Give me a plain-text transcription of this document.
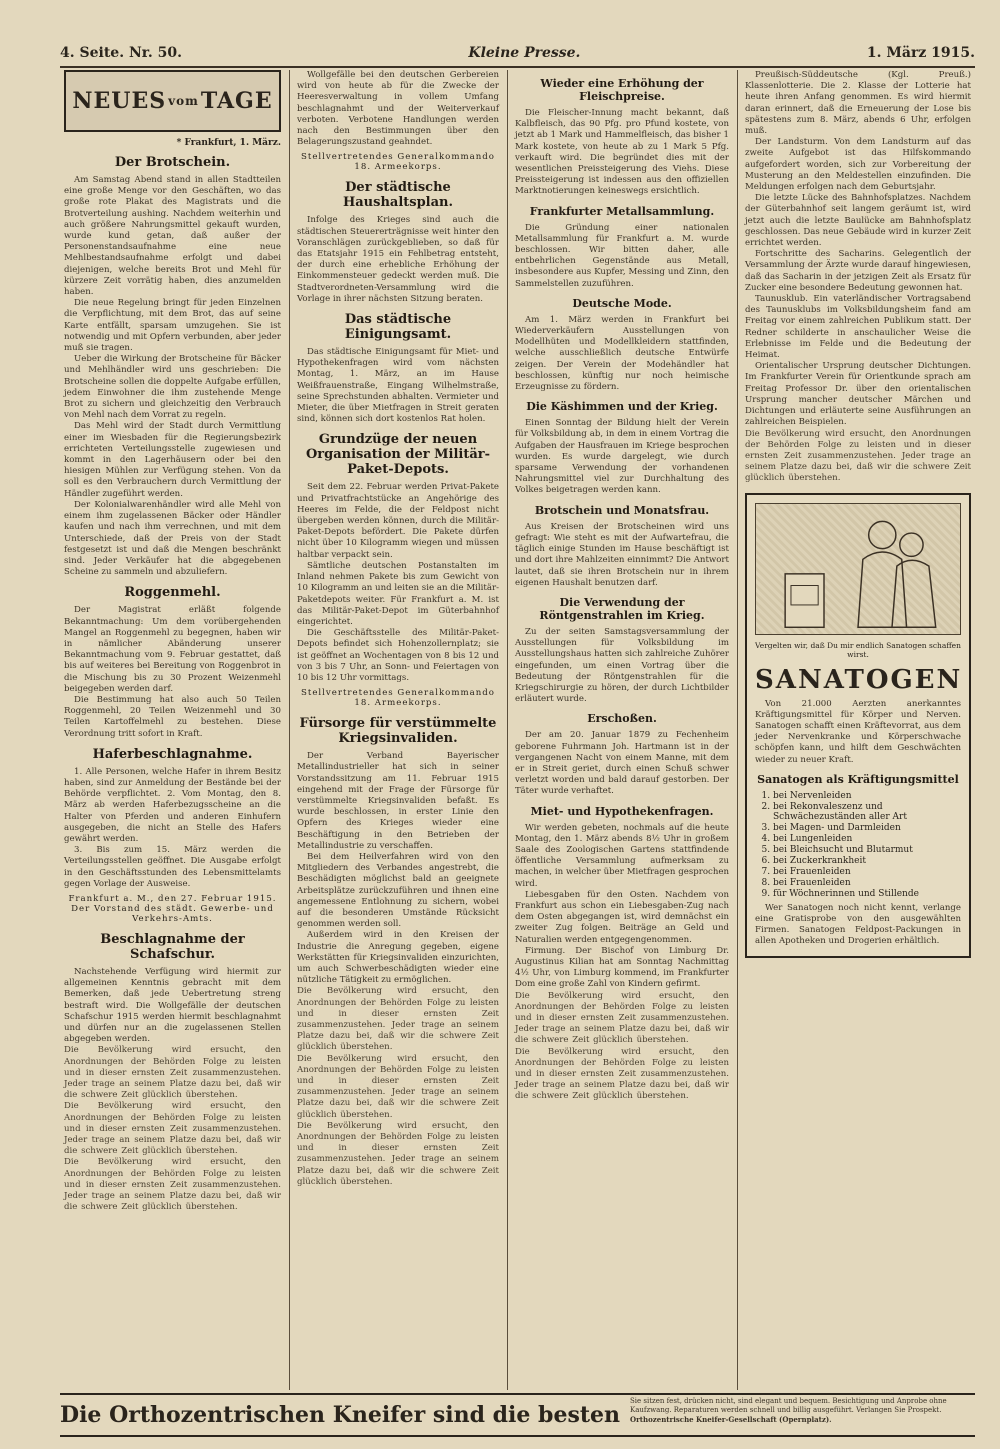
4. Seite. Nr. 50.	Kleine Presse.	1. März 1915.
NEUES vom TAGE
* Frankfurt, 1. März.
Der Brotschein.

Am Samstag Abend stand in allen Stadtteilen eine große Menge vor den Geschäften, wo das große rote Plakat des Magistrats und die Brotverteilung aushing. Nachdem weiterhin und auch größere Nahrungsmittel gekauft wurden, wurde kund getan, daß außer der Personenstandsaufnahme eine neue Mehlbestandsaufnahme erfolgt und dabei diejenigen, welche bereits Brot und Mehl für kürzere Zeit vorrätig haben, dies anzumelden haben.

Die neue Regelung bringt für jeden Einzelnen die Verpflichtung, mit dem Brot, das auf seine Karte entfällt, sparsam umzugehen. Sie ist notwendig und mit Opfern verbunden, aber jeder muß sie tragen.

Ueber die Wirkung der Brotscheine für Bäcker und Mehlhändler wird uns geschrieben: Die Brotscheine sollen die doppelte Aufgabe erfüllen, jedem Einwohner die ihm zustehende Menge Brot zu sichern und gleichzeitig den Verbrauch von Mehl nach dem Vorrat zu regeln.

Das Mehl wird der Stadt durch Vermittlung einer im Wiesbaden für die Regierungsbezirk errichteten Verteilungsstelle zugewiesen und kommt in den Lagerhäusern oder bei den hiesigen Mühlen zur Verfügung stehen. Von da soll es den Verbrauchern durch Vermittlung der Händler zugeführt werden.

Der Kolonialwarenhändler wird alle Mehl von einem ihm zugelassenen Bäcker oder Händler kaufen und nach ihm verrechnen, und mit dem Unterschiede, daß der Preis von der Stadt festgesetzt ist und daß die Mengen beschränkt sind. Jeder Verkäufer hat die abgegebenen Scheine zu sammeln und abzuliefern.

Roggenmehl.

Der Magistrat erläßt folgende Bekanntmachung: Um dem vorübergehenden Mangel an Roggenmehl zu begegnen, haben wir in nämlicher Abänderung unserer Bekanntmachung vom 9. Februar gestattet, daß bis auf weiteres bei Bereitung von Roggenbrot in die Mischung bis zu 30 Prozent Weizenmehl beigegeben werden darf.

Die Bestimmung hat also auch 50 Teilen Roggenmehl, 20 Teilen Weizenmehl und 30 Teilen Kartoffelmehl zu bestehen. Diese Verordnung tritt sofort in Kraft.

Haferbeschlagnahme.

1. Alle Personen, welche Hafer in ihrem Besitz haben, sind zur Anmeldung der Bestände bei der Behörde verpflichtet. 2. Vom Montag, den 8. März ab werden Haferbezugsscheine an die Halter von Pferden und anderen Einhufern ausgegeben, die nicht an Stelle des Hafers gewährt werden.

3. Bis zum 15. März werden die Verteilungsstellen geöffnet. Die Ausgabe erfolgt in den Geschäftsstunden des Lebensmittelamts gegen Vorlage der Ausweise.

Frankfurt a. M., den 27. Februar 1915. Der Vorstand des städt. Gewerbe- und Verkehrs-Amts.
Beschlagnahme der Schafschur.

Nachstehende Verfügung wird hiermit zur allgemeinen Kenntnis gebracht mit dem Bemerken, daß jede Uebertretung streng bestraft wird. Die Wollgefälle der deutschen Schafschur 1915 werden hiermit beschlagnahmt und dürfen nur an die zugelassenen Stellen abgegeben werden.

Die Bevölkerung wird ersucht, den Anordnungen der Behörden Folge zu leisten und in dieser ernsten Zeit zusammenzustehen. Jeder trage an seinem Platze dazu bei, daß wir die schwere Zeit glücklich überstehen.

Die Bevölkerung wird ersucht, den Anordnungen der Behörden Folge zu leisten und in dieser ernsten Zeit zusammenzustehen. Jeder trage an seinem Platze dazu bei, daß wir die schwere Zeit glücklich überstehen.

Die Bevölkerung wird ersucht, den Anordnungen der Behörden Folge zu leisten und in dieser ernsten Zeit zusammenzustehen. Jeder trage an seinem Platze dazu bei, daß wir die schwere Zeit glücklich überstehen.

Wollgefälle bei den deutschen Gerbereien wird von heute ab für die Zwecke der Heeresverwaltung in vollem Umfang beschlagnahmt und der Weiterverkauf verboten. Verbotene Handlungen werden nach den Bestimmungen über den Belagerungszustand geahndet.

Stellvertretendes Generalkommando 18. Armeekorps.
Der städtische Haushaltsplan.

Infolge des Krieges sind auch die städtischen Steuererträgnisse weit hinter den Voranschlägen zurückgeblieben, so daß für das Etatsjahr 1915 ein Fehlbetrag entsteht, der durch eine erhebliche Erhöhung der Einkommensteuer gedeckt werden muß. Die Stadtverordneten-Versammlung wird die Vorlage in ihrer nächsten Sitzung beraten.

Das städtische Einigungsamt.

Das städtische Einigungsamt für Miet- und Hypothekenfragen wird vom nächsten Montag, 1. März, an im Hause Weißfrauenstraße, Eingang Wilhelmstraße, seine Sprechstunden abhalten. Vermieter und Mieter, die über Mietfragen in Streit geraten sind, können sich dort kostenlos Rat holen.

Grundzüge der neuen Organisation der Militär-Paket-Depots.

Seit dem 22. Februar werden Privat-Pakete und Privatfrachtstücke an Angehörige des Heeres im Felde, die der Feldpost nicht übergeben werden können, durch die Militär-Paket-Depots befördert. Die Pakete dürfen nicht über 10 Kilogramm wiegen und müssen haltbar verpackt sein.

Sämtliche deutschen Postanstalten im Inland nehmen Pakete bis zum Gewicht von 10 Kilogramm an und leiten sie an die Militär-Paketdepots weiter. Für Frankfurt a. M. ist das Militär-Paket-Depot im Güterbahnhof eingerichtet.

Die Geschäftsstelle des Militär-Paket-Depots befindet sich Hohenzollernplatz; sie ist geöffnet an Wochentagen von 8 bis 12 und von 3 bis 7 Uhr, an Sonn- und Feiertagen von 10 bis 12 Uhr vormittags.

Stellvertretendes Generalkommando 18. Armeekorps.
Fürsorge für verstümmelte Kriegsinvaliden.

Der Verband Bayerischer Metallindustrieller hat sich in seiner Vorstandssitzung am 11. Februar 1915 eingehend mit der Frage der Fürsorge für verstümmelte Kriegsinvaliden befaßt. Es wurde beschlossen, in erster Linie den Opfern des Krieges wieder eine Beschäftigung in den Betrieben der Metallindustrie zu verschaffen.

Bei dem Heilverfahren wird von den Mitgliedern des Verbandes angestrebt, die Beschädigten möglichst bald an geeignete Arbeitsplätze zurückzuführen und ihnen eine angemessene Entlohnung zu sichern, wobei auf die besonderen Umstände Rücksicht genommen werden soll.

Außerdem wird in den Kreisen der Industrie die Anregung gegeben, eigene Werkstätten für Kriegsinvaliden einzurichten, um auch Schwerbeschädigten wieder eine nützliche Tätigkeit zu ermöglichen.

Die Bevölkerung wird ersucht, den Anordnungen der Behörden Folge zu leisten und in dieser ernsten Zeit zusammenzustehen. Jeder trage an seinem Platze dazu bei, daß wir die schwere Zeit glücklich überstehen.

Die Bevölkerung wird ersucht, den Anordnungen der Behörden Folge zu leisten und in dieser ernsten Zeit zusammenzustehen. Jeder trage an seinem Platze dazu bei, daß wir die schwere Zeit glücklich überstehen.

Die Bevölkerung wird ersucht, den Anordnungen der Behörden Folge zu leisten und in dieser ernsten Zeit zusammenzustehen. Jeder trage an seinem Platze dazu bei, daß wir die schwere Zeit glücklich überstehen.

Wieder eine Erhöhung der Fleischpreise.

Die Fleischer-Innung macht bekannt, daß Kalbfleisch, das 90 Pfg. pro Pfund kostete, von jetzt ab 1 Mark und Hammelfleisch, das bisher 1 Mark kostete, von heute ab zu 1 Mark 5 Pfg. verkauft wird. Die begründet dies mit der wesentlichen Preissteigerung des Viehs. Diese Preissteigerung ist indessen aus den offiziellen Marktnotierungen keineswegs ersichtlich.

Frankfurter Metallsammlung.

Die Gründung einer nationalen Metallsammlung für Frankfurt a. M. wurde beschlossen. Wir bitten daher, alle entbehrlichen Gegenstände aus Metall, insbesondere aus Kupfer, Messing und Zinn, den Sammelstellen zuzuführen.

Deutsche Mode.

Am 1. März werden in Frankfurt bei Wiederverkäufern Ausstellungen von Modellhüten und Modellkleidern stattfinden, welche ausschließlich deutsche Entwürfe zeigen. Der Verein der Modehändler hat beschlossen, künftig nur noch heimische Erzeugnisse zu fördern.

Die Käshimmen und der Krieg.

Einen Sonntag der Bildung hielt der Verein für Volksbildung ab, in dem in einem Vortrag die Aufgaben der Hausfrauen im Kriege besprochen wurden. Es wurde dargelegt, wie durch sparsame Verwendung der vorhandenen Nahrungsmittel viel zur Durchhaltung des Volkes beigetragen werden kann.

Brotschein und Monatsfrau.

Aus Kreisen der Brotscheinen wird uns gefragt: Wie steht es mit der Aufwartefrau, die täglich einige Stunden im Hause beschäftigt ist und dort ihre Mahlzeiten einnimmt? Die Antwort lautet, daß sie ihren Brotschein nur in ihrem eigenen Haushalt benutzen darf.

Die Verwendung der Röntgenstrahlen im Krieg.

Zu der seiten Samstagsversammlung der Ausstellungen für Volksbildung im Ausstellungshaus hatten sich zahlreiche Zuhörer eingefunden, um einen Vortrag über die Bedeutung der Röntgenstrahlen für die Kriegschirurgie zu hören, der durch Lichtbilder erläutert wurde.

Erschoßen.

Der am 20. Januar 1879 zu Fechenheim geborene Fuhrmann Joh. Hartmann ist in der vergangenen Nacht von einem Manne, mit dem er in Streit geriet, durch einen Schuß schwer verletzt worden und bald darauf gestorben. Der Täter wurde verhaftet.

Miet- und Hypothekenfragen.

Wir werden gebeten, nochmals auf die heute Montag, den 1. März abends 8½ Uhr in großem Saale des Zoologischen Gartens stattfindende öffentliche Versammlung aufmerksam zu machen, in welcher über Mietfragen gesprochen wird.

Liebesgaben für den Osten. Nachdem von Frankfurt aus schon ein Liebesgaben-Zug nach dem Osten abgegangen ist, wird demnächst ein zweiter Zug folgen. Beiträge an Geld und Naturalien werden entgegengenommen.

Firmung. Der Bischof von Limburg Dr. Augustinus Kilian hat am Sonntag Nachmittag 4½ Uhr, von Limburg kommend, im Frankfurter Dom eine große Zahl von Kindern gefirmt.

Die Bevölkerung wird ersucht, den Anordnungen der Behörden Folge zu leisten und in dieser ernsten Zeit zusammenzustehen. Jeder trage an seinem Platze dazu bei, daß wir die schwere Zeit glücklich überstehen.

Die Bevölkerung wird ersucht, den Anordnungen der Behörden Folge zu leisten und in dieser ernsten Zeit zusammenzustehen. Jeder trage an seinem Platze dazu bei, daß wir die schwere Zeit glücklich überstehen.

Preußisch-Süddeutsche (Kgl. Preuß.) Klassenlotterie. Die 2. Klasse der Lotterie hat heute ihren Anfang genommen. Es wird hiermit daran erinnert, daß die Erneuerung der Lose bis spätestens zum 8. März, abends 6 Uhr, erfolgen muß.

Der Landsturm. Von dem Landsturm auf das zweite Aufgebot ist das Hilfskommando aufgefordert worden, sich zur Vorbereitung der Musterung an den Meldestellen einzufinden. Die Meldungen erfolgen nach dem Geburtsjahr.

Die letzte Lücke des Bahnhofsplatzes. Nachdem der Güterbahnhof seit langem geräumt ist, wird jetzt auch die letzte Baulücke am Bahnhofsplatz geschlossen. Das neue Gebäude wird in kurzer Zeit errichtet werden.

Fortschritte des Sacharins. Gelegentlich der Versammlung der Ärzte wurde darauf hingewiesen, daß das Sacharin in der jetzigen Zeit als Ersatz für Zucker eine besondere Bedeutung gewonnen hat.

Taunusklub. Ein vaterländischer Vortragsabend des Taunusklubs im Volksbildungsheim fand am Freitag vor einem zahlreichen Publikum statt. Der Redner schilderte in anschaulicher Weise die Erlebnisse im Felde und die Bedeutung der Heimat.

Orientalischer Ursprung deutscher Dichtungen. Im Frankfurter Verein für Orientkunde sprach am Freitag Professor Dr. über den orientalischen Ursprung mancher deutscher Märchen und Dichtungen und erläuterte seine Ausführungen an zahlreichen Beispielen.

Die Bevölkerung wird ersucht, den Anordnungen der Behörden Folge zu leisten und in dieser ernsten Zeit zusammenzustehen. Jeder trage an seinem Platze dazu bei, daß wir die schwere Zeit glücklich überstehen.

Vergelten wir, daß Du mir endlich Sanatogen schaffen wirst.
SANATOGEN

Von 21.000 Aerzten anerkanntes Kräftigungsmittel für Körper und Nerven. Sanatogen schafft einen Kräftevorrat, aus dem jeder Nervenkranke und Körperschwache schöpfen kann, und hilft dem Geschwächten wieder zu neuer Kraft.

Sanatogen als Kräftigungsmittel
1. bei Nervenleiden
2. bei Rekonvaleszenz und Schwächezuständen aller Art
3. bei Magen- und Darmleiden
4. bei Lungenleiden
5. bei Bleichsucht und Blutarmut
6. bei Zuckerkrankheit
7. bei Frauenleiden
8. bei Frauenleiden
9. für Wöchnerinnen und Stillende

Wer Sanatogen noch nicht kennt, verlange eine Gratisprobe von den ausgewählten Firmen. Sanatogen Feldpost-Packungen in allen Apotheken und Drogerien erhältlich.

Die Orthozentrischen Kneifer sind die besten
Sie sitzen fest, drücken nicht, sind elegant und bequem. Besichtigung und Anprobe ohne Kaufzwang. Reparaturen werden schnell und billig ausgeführt. Verlangen Sie Prospekt. Orthozentrische Kneifer-Gesellschaft (Opernplatz).
